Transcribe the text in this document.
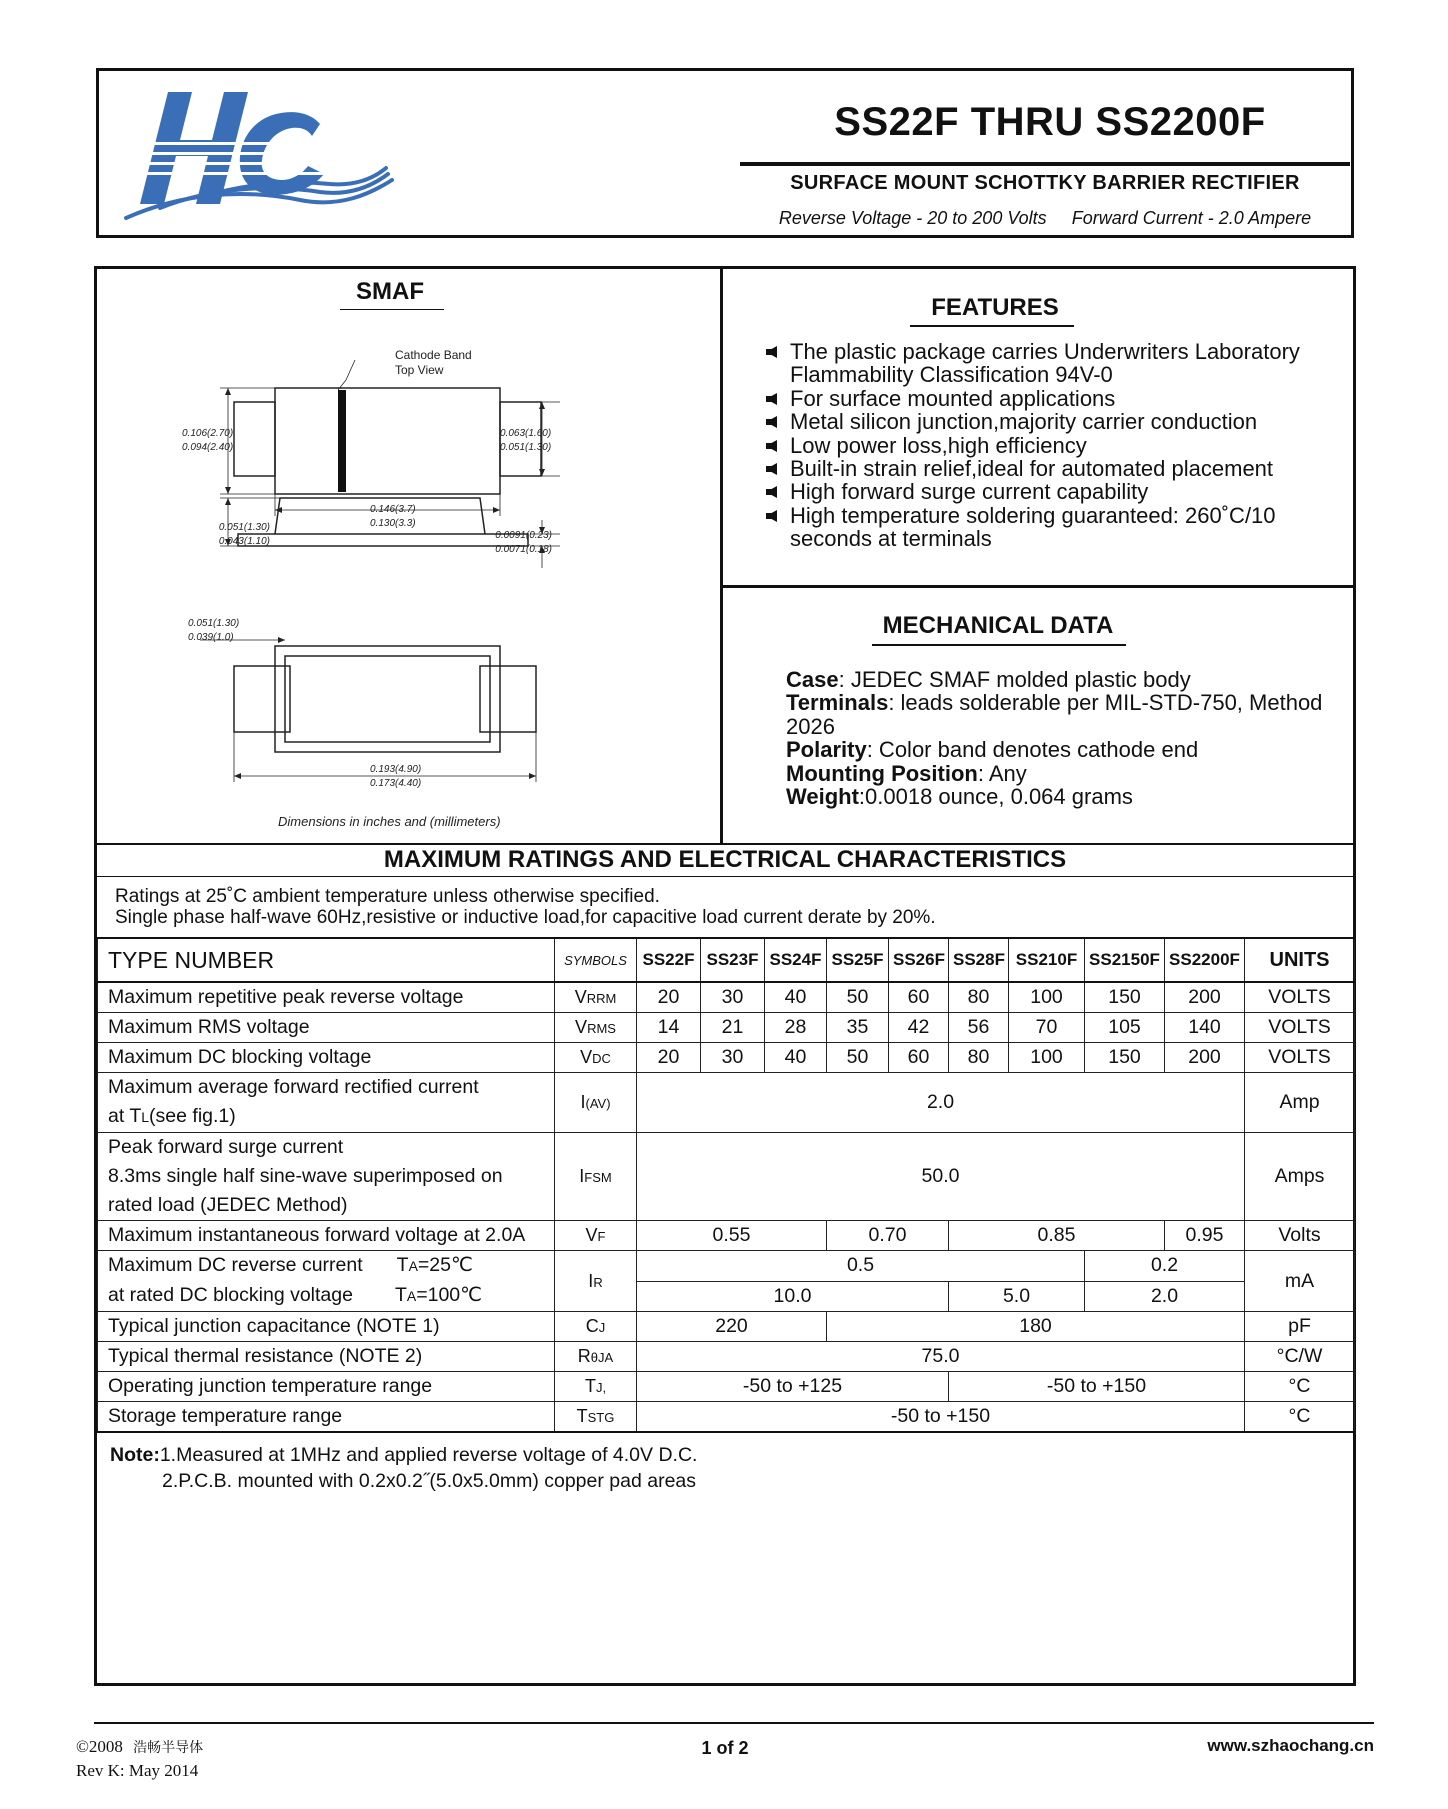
SS22F THRU SS2200F
SURFACE MOUNT SCHOTTKY BARRIER RECTIFIER
Reverse Voltage - 20 to 200 Volts Forward Current - 2.0 Ampere
SMAF
Cathode Band
Top View
0.106(2.70)
0.094(2.40)
0.063(1.60)
0.051(1.30)
0.146(3.7)
0.130(3.3)
0.051(1.30)
0.043(1.10)
0.0091(0.23)
0.0071(0.18)
0.051(1.30)
0.039(1.0)
0.193(4.90)
0.173(4.40)
Dimensions in inches and (millimeters)
FEATURES
The plastic package carries Underwriters Laboratory Flammability Classification 94V-0
For surface mounted applications
Metal silicon junction,majority carrier conduction
Low power loss,high efficiency
Built-in strain relief,ideal for automated placement
High forward surge current capability
High temperature soldering guaranteed: 260˚C/10 seconds at terminals
MECHANICAL DATA
Case: JEDEC SMAF molded plastic body
Terminals: leads solderable per MIL-STD-750, Method 2026
Polarity: Color band denotes cathode end
Mounting Position: Any
Weight:0.0018 ounce, 0.064 grams
MAXIMUM RATINGS AND ELECTRICAL CHARACTERISTICS
Ratings at 25˚C ambient temperature unless otherwise specified.
Single phase half-wave 60Hz,resistive or inductive load,for capacitive load current derate by 20%.
TYPE NUMBER	SYMBOLS	SS22F	SS23F	SS24F	SS25F	SS26F	SS28F	SS210F	SS2150F	SS2200F	UNITS
Maximum repetitive peak reverse voltage	VRRM	20	30	40	50	60	80	100	150	200	VOLTS
Maximum RMS voltage	VRMS	14	21	28	35	42	56	70	105	140	VOLTS
Maximum DC blocking voltage	VDC	20	30	40	50	60	80	100	150	200	VOLTS

Maximum average forward rectified current
at TL(see fig.1)	I(AV)	2.0									Amp

Peak forward surge current
8.3ms single half sine-wave superimposed on
rated load (JEDEC Method)	IFSM	50.0									Amps
Maximum instantaneous forward voltage at 2.0A	VF	0.55			0.70		0.85			0.95	Volts

Maximum DC reverse current TA=25℃
at rated DC blocking voltage TA=100℃	IR	0.5							0.2		mA
		10.0					5.0		2.0		
Typical junction capacitance (NOTE 1)	CJ	220			180						pF
Typical thermal resistance (NOTE 2)	RθJA	75.0									°C/W
Operating junction temperature range	TJ,	-50 to +125					-50 to +150				°C
Storage temperature range	TSTG	-50 to +150									°C
Note:1.Measured at 1MHz and applied reverse voltage of 4.0V D.C.
2.P.C.B. mounted with 0.2x0.2˝(5.0x5.0mm) copper pad areas
©2008 浩畅半导体
Rev K: May 2014
1 of 2	www.szhaochang.cn
